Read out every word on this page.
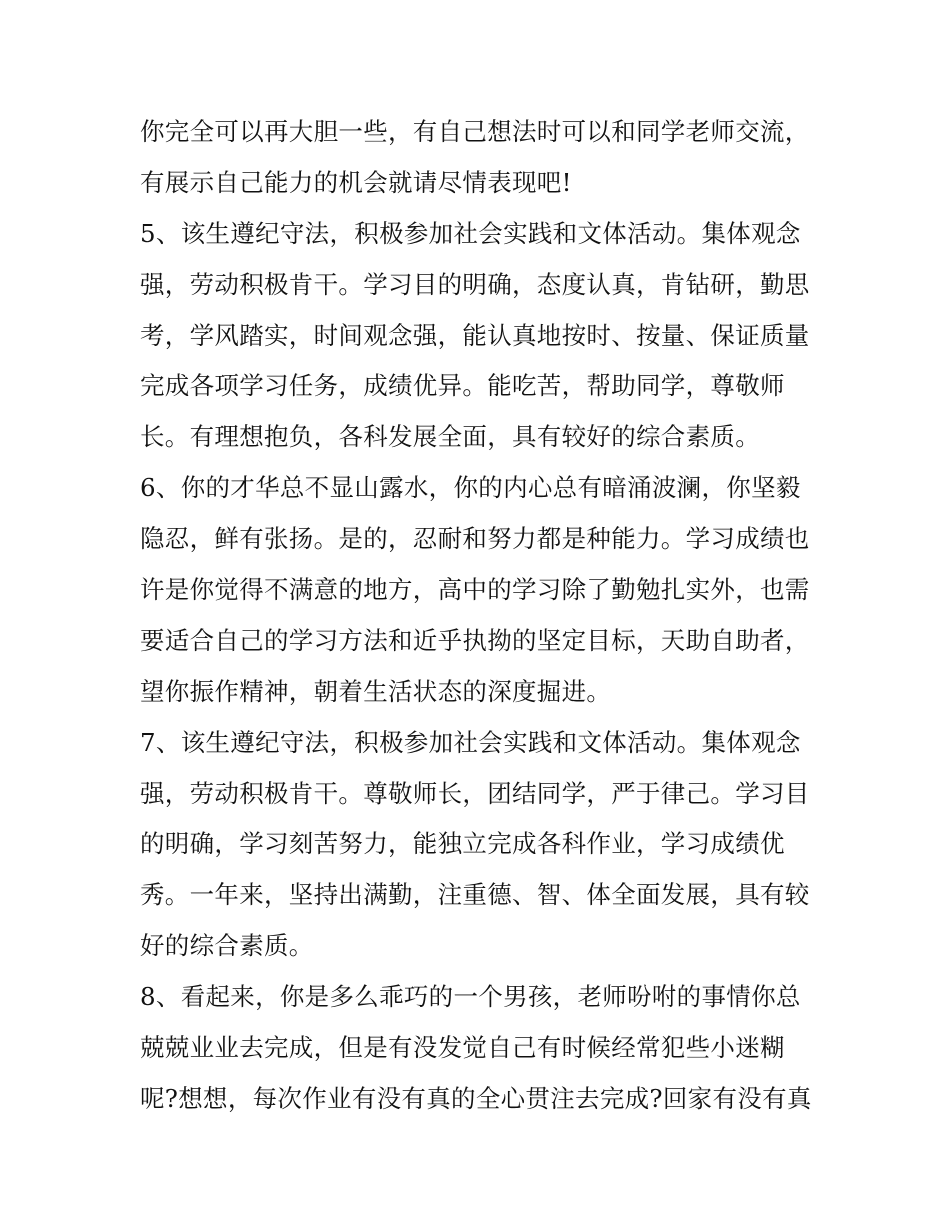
你完全可以再大胆一些，有自己想法时可以和同学老师交流，
有展示自己能力的机会就请尽情表现吧!
5、该生遵纪守法，积极参加社会实践和文体活动。集体观念
强，劳动积极肯干。学习目的明确，态度认真，肯钻研，勤思
考，学风踏实，时间观念强，能认真地按时、按量、保证质量
完成各项学习任务，成绩优异。能吃苦，帮助同学，尊敬师
长。有理想抱负，各科发展全面，具有较好的综合素质。
6、你的才华总不显山露水，你的内心总有暗涌波澜，你坚毅
隐忍，鲜有张扬。是的，忍耐和努力都是种能力。学习成绩也
许是你觉得不满意的地方，高中的学习除了勤勉扎实外，也需
要适合自己的学习方法和近乎执拗的坚定目标，天助自助者，
望你振作精神，朝着生活状态的深度掘进。
7、该生遵纪守法，积极参加社会实践和文体活动。集体观念
强，劳动积极肯干。尊敬师长，团结同学，严于律己。学习目
的明确，学习刻苦努力，能独立完成各科作业，学习成绩优
秀。一年来，坚持出满勤，注重德、智、体全面发展，具有较
好的综合素质。
8、看起来，你是多么乖巧的一个男孩，老师吩咐的事情你总
兢兢业业去完成，但是有没发觉自己有时候经常犯些小迷糊
呢?想想，每次作业有没有真的全心贯注去完成?回家有没有真
